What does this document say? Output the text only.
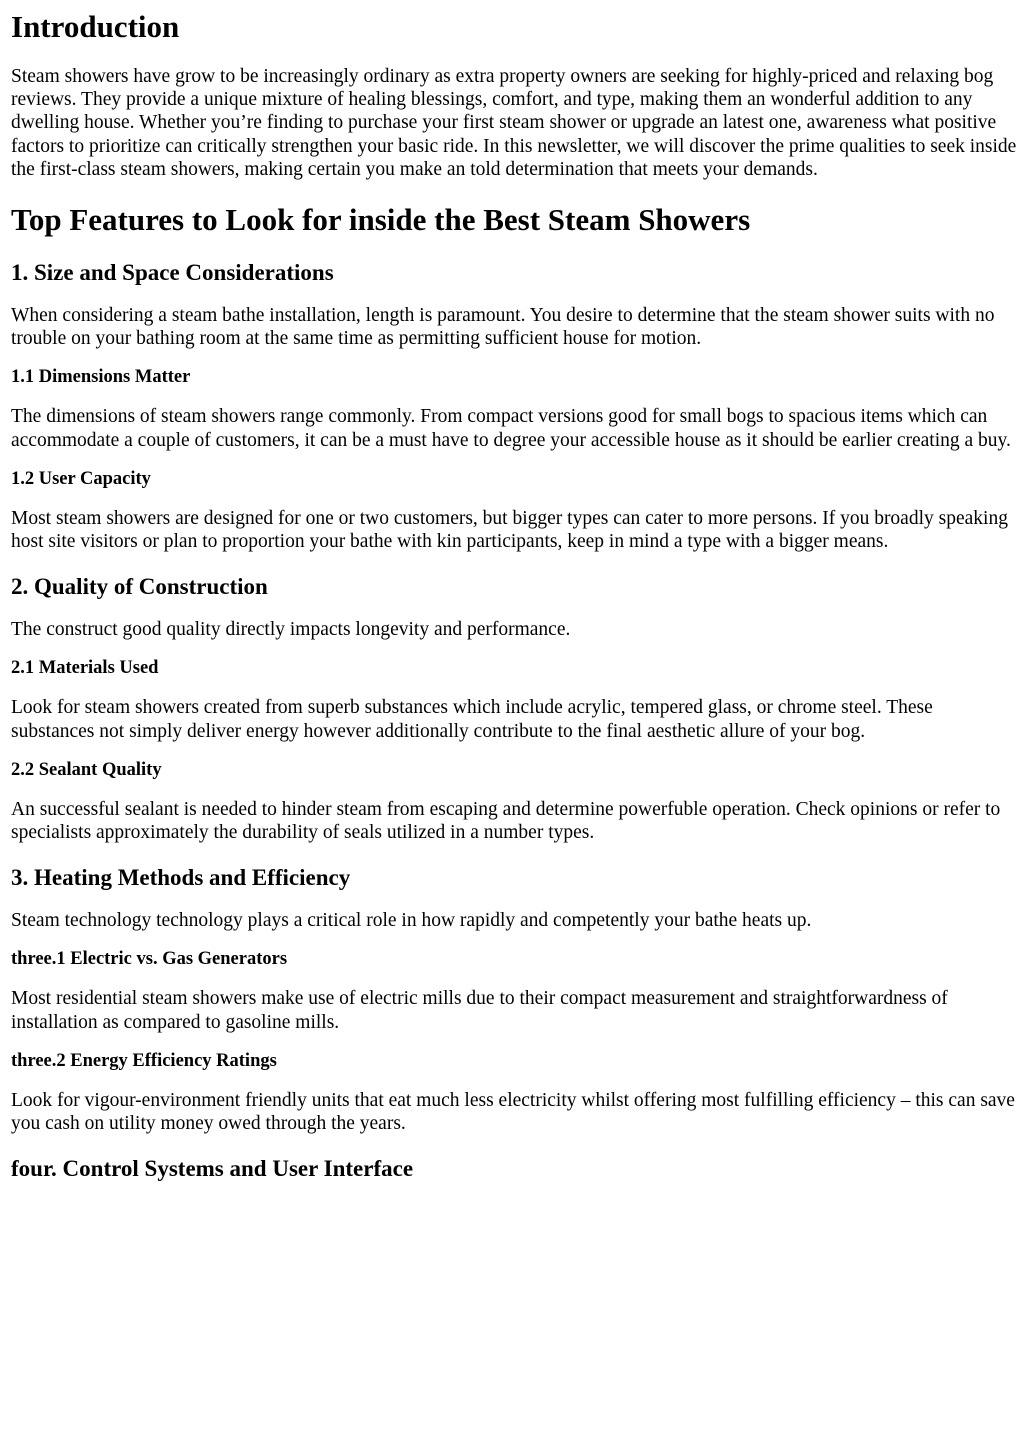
Introduction

Steam showers have grow to be increasingly ordinary as extra property owners are seeking for highly-priced and relaxing bog reviews. They provide a unique mixture of healing blessings, comfort, and type, making them an wonderful addition to any dwelling house. Whether you’re finding to purchase your first steam shower or upgrade an latest one, awareness what positive factors to prioritize can critically strengthen your basic ride. In this newsletter, we will discover the prime qualities to seek inside the first-class steam showers, making certain you make an told determination that meets your demands.

Top Features to Look for inside the Best Steam Showers
1. Size and Space Considerations

When considering a steam bathe installation, length is paramount. You desire to determine that the steam shower suits with no trouble on your bathing room at the same time as permitting sufficient house for motion.

1.1 Dimensions Matter

The dimensions of steam showers range commonly. From compact versions good for small bogs to spacious items which can accommodate a couple of customers, it can be a must have to degree your accessible house as it should be earlier creating a buy.

1.2 User Capacity

Most steam showers are designed for one or two customers, but bigger types can cater to more persons. If you broadly speaking host site visitors or plan to proportion your bathe with kin participants, keep in mind a type with a bigger means.

2. Quality of Construction

The construct good quality directly impacts longevity and performance.

2.1 Materials Used

Look for steam showers created from superb substances which include acrylic, tempered glass, or chrome steel. These substances not simply deliver energy however additionally contribute to the final aesthetic allure of your bog.

2.2 Sealant Quality

An successful sealant is needed to hinder steam from escaping and determine powerfuble operation. Check opinions or refer to specialists approximately the durability of seals utilized in a number types.

3. Heating Methods and Efficiency

Steam technology technology plays a critical role in how rapidly and competently your bathe heats up.

three.1 Electric vs. Gas Generators

Most residential steam showers make use of electric mills due to their compact measurement and straightforwardness of installation as compared to gasoline mills.

three.2 Energy Efficiency Ratings

Look for vigour-environment friendly units that eat much less electricity whilst offering most fulfilling efficiency – this can save you cash on utility money owed through the years.

four. Control Systems and User Interface
